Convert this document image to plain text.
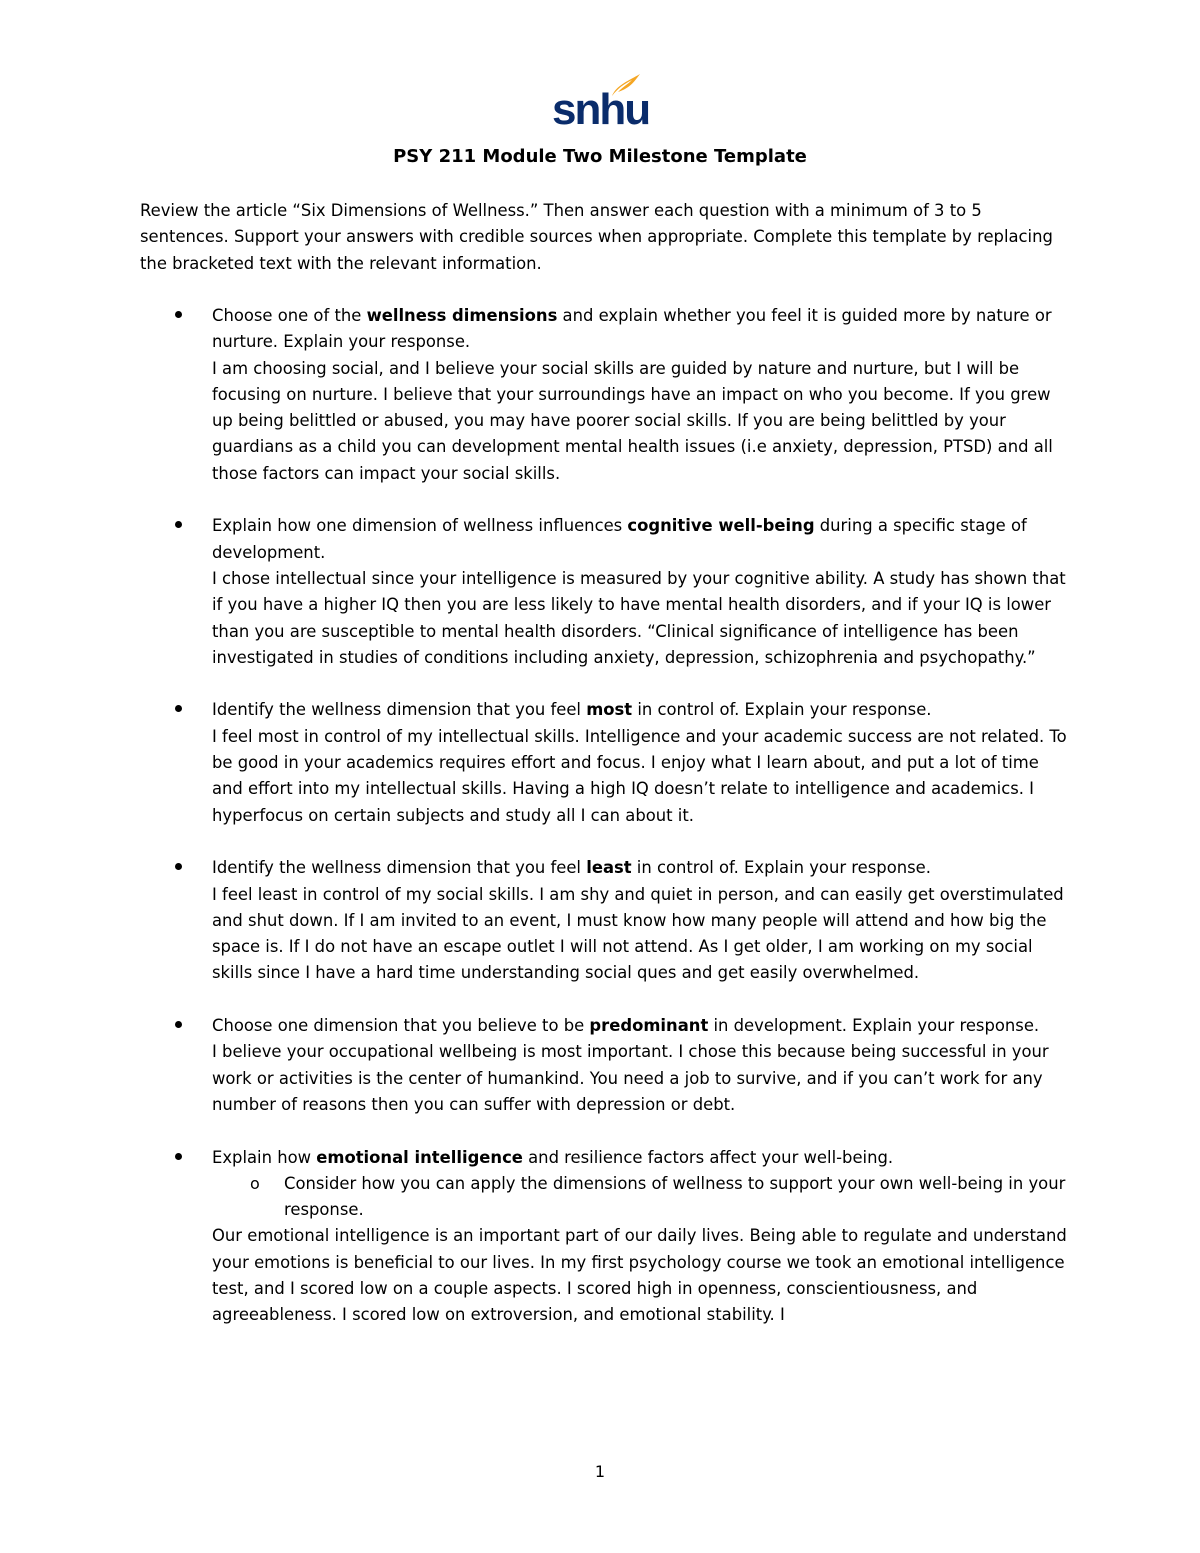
snhu
PSY 211 Module Two Milestone Template
Review the article “Six Dimensions of Wellness.” Then answer each question with a minimum of 3 to 5 sentences. Support your answers with credible sources when appropriate. Complete this template by replacing the bracketed text with the relevant information.
Choose one of the wellness dimensions and explain whether you feel it is guided more by nature or nurture. Explain your response.
I am choosing social, and I believe your social skills are guided by nature and nurture, but I will be focusing on nurture. I believe that your surroundings have an impact on who you become. If you grew up being belittled or abused, you may have poorer social skills. If you are being belittled by your guardians as a child you can development mental health issues (i.e anxiety, depression, PTSD) and all those factors can impact your social skills.
Explain how one dimension of wellness influences cognitive well-being during a specific stage of development.
I chose intellectual since your intelligence is measured by your cognitive ability. A study has shown that if you have a higher IQ then you are less likely to have mental health disorders, and if your IQ is lower than you are susceptible to mental health disorders. “Clinical significance of intelligence has been investigated in studies of conditions including anxiety, depression, schizophrenia and psychopathy.”
Identify the wellness dimension that you feel most in control of. Explain your response.
I feel most in control of my intellectual skills. Intelligence and your academic success are not related. To be good in your academics requires effort and focus. I enjoy what I learn about, and put a lot of time and effort into my intellectual skills. Having a high IQ doesn’t relate to intelligence and academics. I hyperfocus on certain subjects and study all I can about it.
Identify the wellness dimension that you feel least in control of. Explain your response.
I feel least in control of my social skills. I am shy and quiet in person, and can easily get overstimulated and shut down. If I am invited to an event, I must know how many people will attend and how big the space is. If I do not have an escape outlet I will not attend. As I get older, I am working on my social skills since I have a hard time understanding social ques and get easily overwhelmed.
Choose one dimension that you believe to be predominant in development. Explain your response.
I believe your occupational wellbeing is most important. I chose this because being successful in your work or activities is the center of humankind. You need a job to survive, and if you can’t work for any number of reasons then you can suffer with depression or debt.
Explain how emotional intelligence and resilience factors affect your well-being.
o Consider how you can apply the dimensions of wellness to support your own well-being in your response.
Our emotional intelligence is an important part of our daily lives. Being able to regulate and understand your emotions is beneficial to our lives. In my first psychology course we took an emotional intelligence test, and I scored low on a couple aspects. I scored high in openness, conscientiousness, and agreeableness. I scored low on extroversion, and emotional stability. I
1
